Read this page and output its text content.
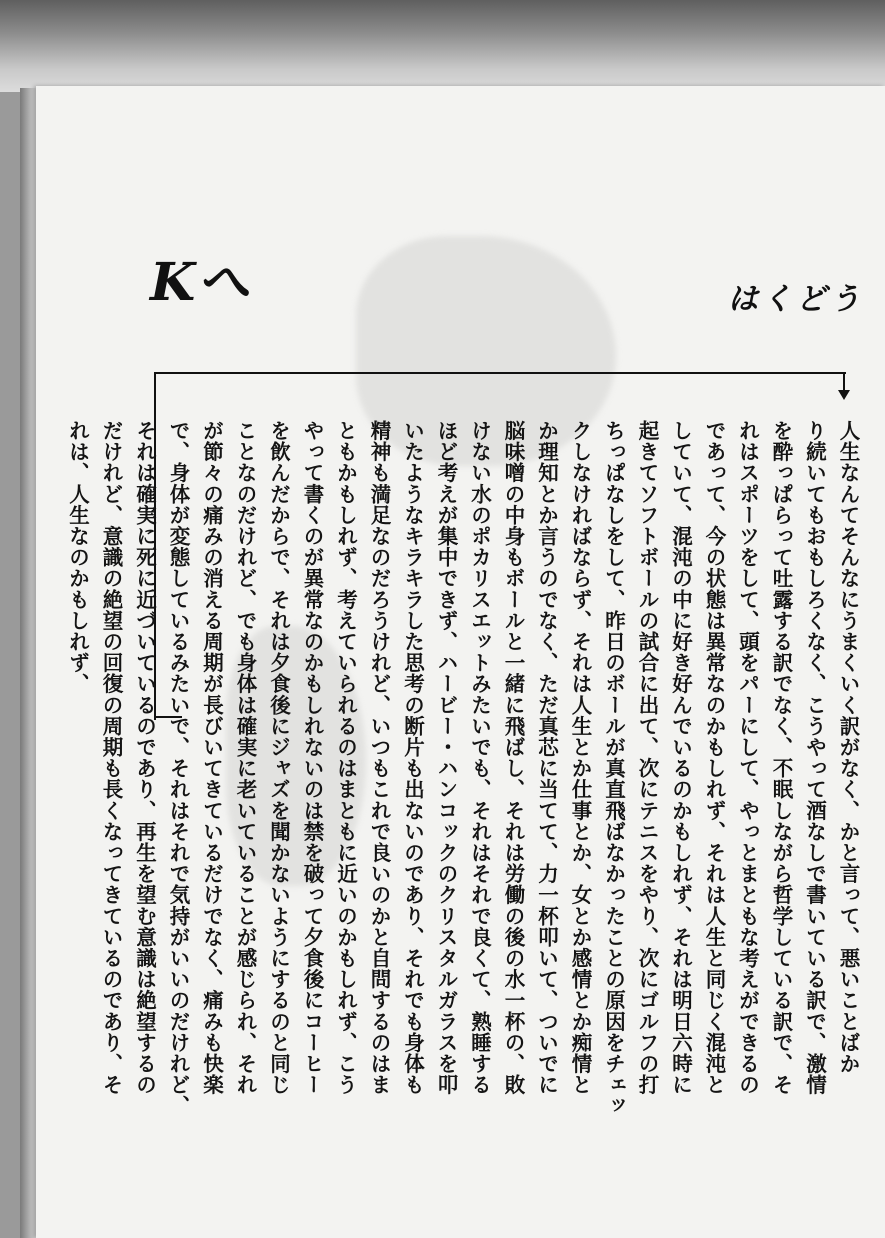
Kへ	はくどう

人生なんてそんなにうまくいく訳がなく、かと言って、悪いことばか

り続いてもおもしろくなく、こうやって酒なしで書いている訳で、激情

を酔っぱらって吐露する訳でなく、不眠しながら哲学している訳で、そ

れはスポーツをして、頭をパーにして、やっとまともな考えができるの

であって、今の状態は異常なのかもしれず、それは人生と同じく混沌と

していて、混沌の中に好き好んでいるのかもしれず、それは明日六時に

起きてソフトボールの試合に出て、次にテニスをやり、次にゴルフの打

ちっぱなしをして、昨日のボールが真直飛ばなかったことの原因をチェッ

クしなければならず、それは人生とか仕事とか、女とか感情とか痴情と

か理知とか言うのでなく、ただ真芯に当てて、力一杯叩いて、ついでに

脳味噌の中身もボールと一緒に飛ばし、それは労働の後の水一杯の、敗

けない水のポカリスエットみたいでも、それはそれで良くて、熟睡する

ほど考えが集中できず、ハービー・ハンコックのクリスタルガラスを叩

いたようなキラキラした思考の断片も出ないのであり、それでも身体も

精神も満足なのだろうけれど、いつもこれで良いのかと自問するのはま

ともかもしれず、考えていられるのはまともに近いのかもしれず、こう

やって書くのが異常なのかもしれないのは禁を破って夕食後にコーヒー

を飲んだからで、それは夕食後にジャズを聞かないようにするのと同じ

ことなのだけれど、でも身体は確実に老いていることが感じられ、それ

が節々の痛みの消える周期が長びいてきているだけでなく、痛みも快楽

で、身体が変態しているみたいで、それはそれで気持がいいのだけれど、

それは確実に死に近づいているのであり、再生を望む意識は絶望するの

だけれど、意識の絶望の回復の周期も長くなってきているのであり、そ

れは、人生なのかもしれず、
